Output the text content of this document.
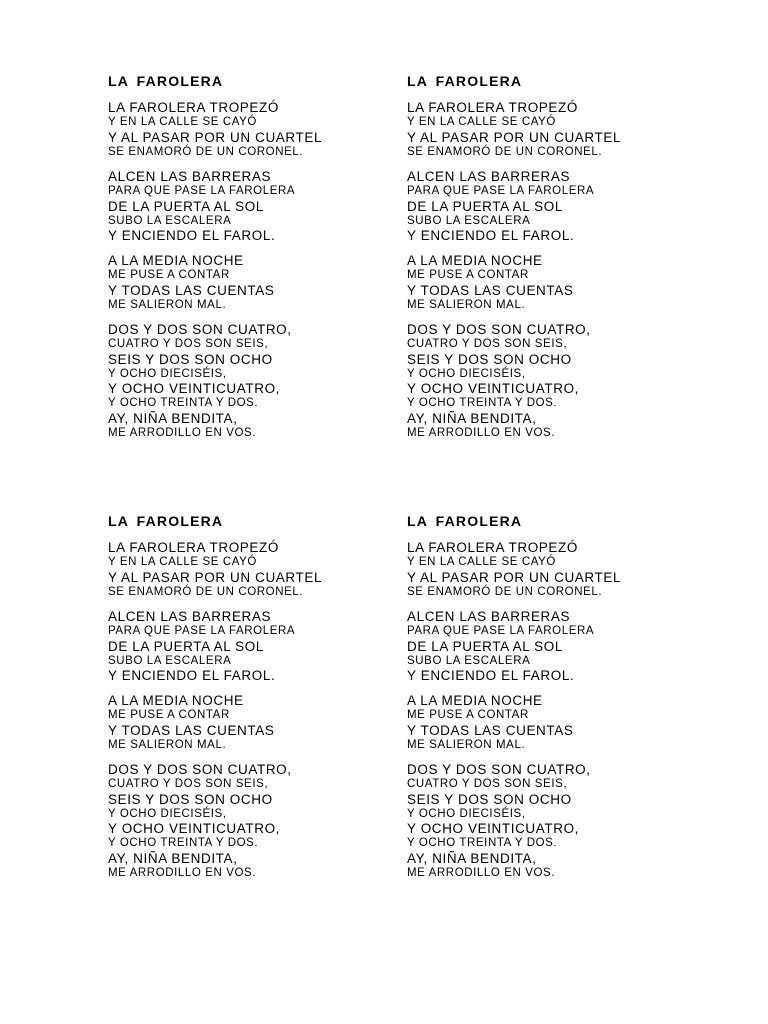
LA FAROLERA
LA FAROLERA TROPEZÓ
Y EN LA CALLE SE CAYÓ
Y AL PASAR POR UN CUARTEL
SE ENAMORÓ DE UN CORONEL.
ALCEN LAS BARRERAS
PARA QUE PASE LA FAROLERA
DE LA PUERTA AL SOL
SUBO LA ESCALERA
Y ENCIENDO EL FAROL.
A LA MEDIA NOCHE
ME PUSE A CONTAR
Y TODAS LAS CUENTAS
ME SALIERON MAL.
DOS Y DOS SON CUATRO,
CUATRO Y DOS SON SEIS,
SEIS Y DOS SON OCHO
Y OCHO DIECISÉIS,
Y OCHO VEINTICUATRO,
Y OCHO TREINTA Y DOS.
AY, NIÑA BENDITA,
ME ARRODILLO EN VOS.
LA FAROLERA
LA FAROLERA TROPEZÓ
Y EN LA CALLE SE CAYÓ
Y AL PASAR POR UN CUARTEL
SE ENAMORÓ DE UN CORONEL.
ALCEN LAS BARRERAS
PARA QUE PASE LA FAROLERA
DE LA PUERTA AL SOL
SUBO LA ESCALERA
Y ENCIENDO EL FAROL.
A LA MEDIA NOCHE
ME PUSE A CONTAR
Y TODAS LAS CUENTAS
ME SALIERON MAL.
DOS Y DOS SON CUATRO,
CUATRO Y DOS SON SEIS,
SEIS Y DOS SON OCHO
Y OCHO DIECISÉIS,
Y OCHO VEINTICUATRO,
Y OCHO TREINTA Y DOS.
AY, NIÑA BENDITA,
ME ARRODILLO EN VOS.
LA FAROLERA
LA FAROLERA TROPEZÓ
Y EN LA CALLE SE CAYÓ
Y AL PASAR POR UN CUARTEL
SE ENAMORÓ DE UN CORONEL.
ALCEN LAS BARRERAS
PARA QUE PASE LA FAROLERA
DE LA PUERTA AL SOL
SUBO LA ESCALERA
Y ENCIENDO EL FAROL.
A LA MEDIA NOCHE
ME PUSE A CONTAR
Y TODAS LAS CUENTAS
ME SALIERON MAL.
DOS Y DOS SON CUATRO,
CUATRO Y DOS SON SEIS,
SEIS Y DOS SON OCHO
Y OCHO DIECISÉIS,
Y OCHO VEINTICUATRO,
Y OCHO TREINTA Y DOS.
AY, NIÑA BENDITA,
ME ARRODILLO EN VOS.
LA FAROLERA
LA FAROLERA TROPEZÓ
Y EN LA CALLE SE CAYÓ
Y AL PASAR POR UN CUARTEL
SE ENAMORÓ DE UN CORONEL.
ALCEN LAS BARRERAS
PARA QUE PASE LA FAROLERA
DE LA PUERTA AL SOL
SUBO LA ESCALERA
Y ENCIENDO EL FAROL.
A LA MEDIA NOCHE
ME PUSE A CONTAR
Y TODAS LAS CUENTAS
ME SALIERON MAL.
DOS Y DOS SON CUATRO,
CUATRO Y DOS SON SEIS,
SEIS Y DOS SON OCHO
Y OCHO DIECISÉIS,
Y OCHO VEINTICUATRO,
Y OCHO TREINTA Y DOS.
AY, NIÑA BENDITA,
ME ARRODILLO EN VOS.
